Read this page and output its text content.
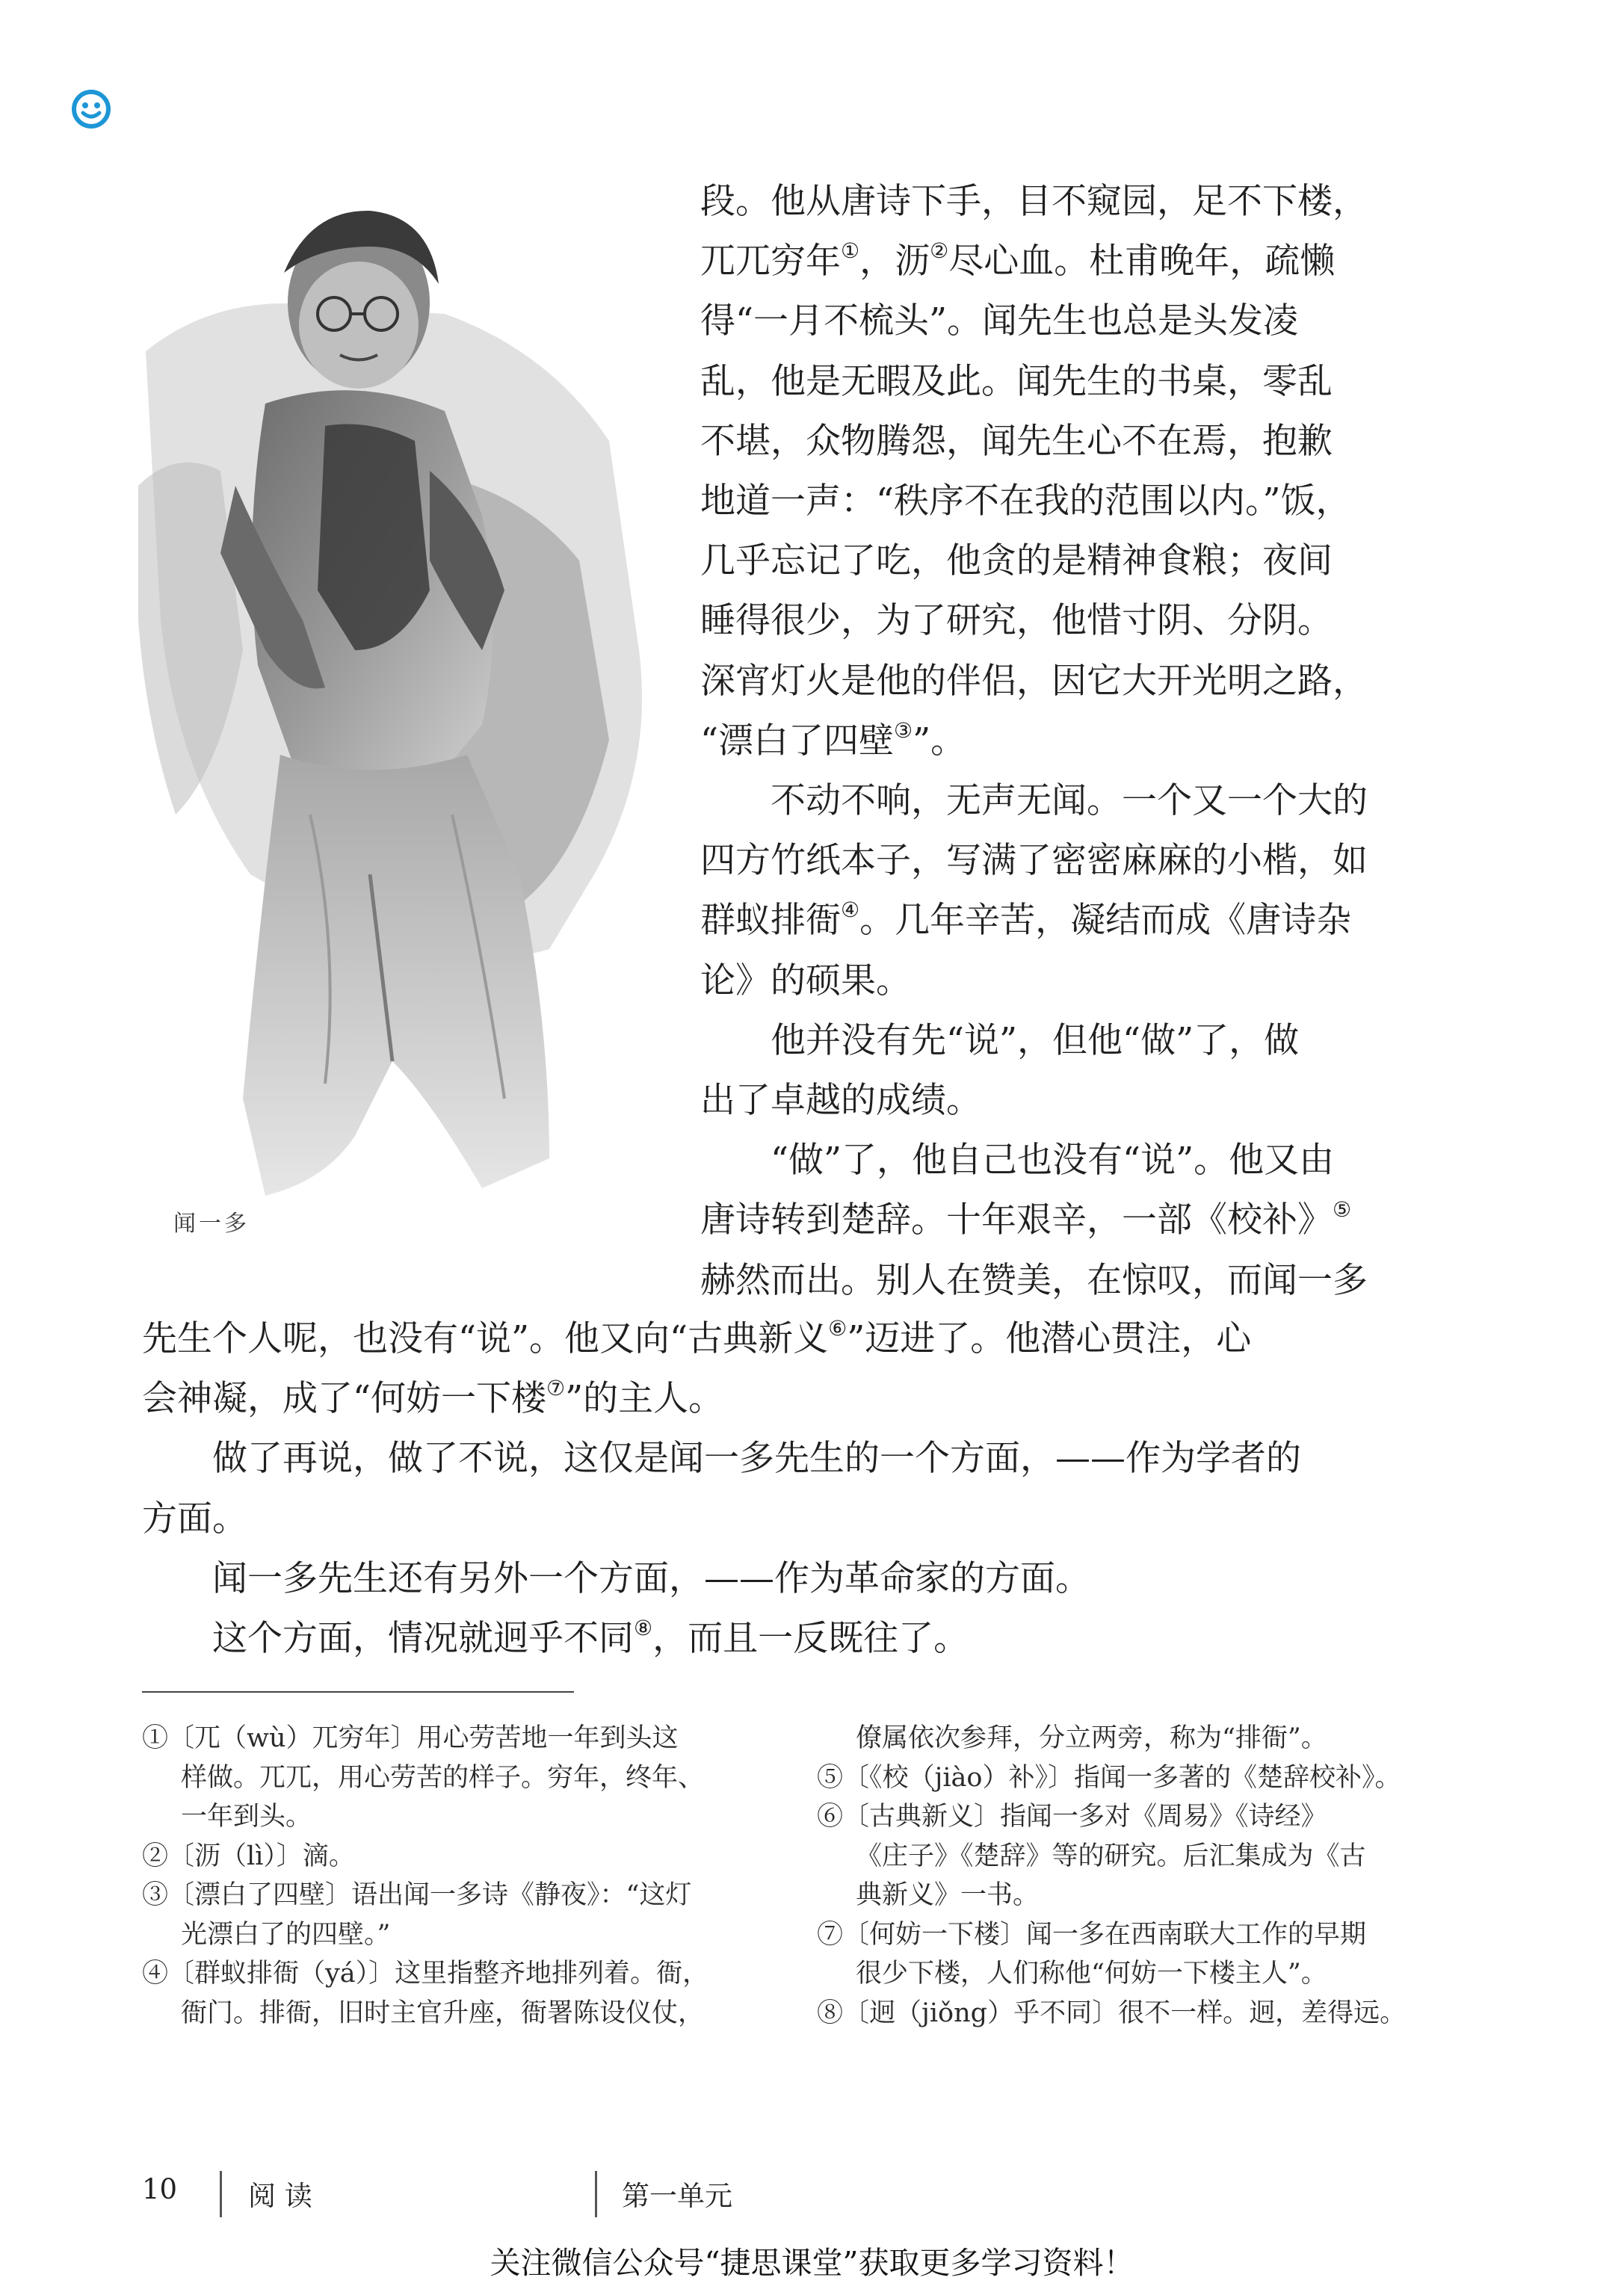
闻一多
段。他从唐诗下手，目不窥园，足不下楼，
兀兀穷年①，沥②尽心血。杜甫晚年，疏懒
得“一月不梳头”。闻先生也总是头发凌
乱，他是无暇及此。闻先生的书桌，零乱
不堪，众物腾怨，闻先生心不在焉，抱歉
地道一声：“秩序不在我的范围以内。”饭，
几乎忘记了吃，他贪的是精神食粮；夜间
睡得很少，为了研究，他惜寸阴、分阴。
深宵灯火是他的伴侣，因它大开光明之路，
“漂白了四壁③”。
　　不动不响，无声无闻。一个又一个大的
四方竹纸本子，写满了密密麻麻的小楷，如
群蚁排衙④。几年辛苦，凝结而成《唐诗杂
论》的硕果。
　　他并没有先“说”，但他“做”了，做
出了卓越的成绩。
　　“做”了，他自己也没有“说”。他又由
唐诗转到楚辞。十年艰辛，一部《校补》⑤
赫然而出。别人在赞美，在惊叹，而闻一多
先生个人呢，也没有“说”。他又向“古典新义⑥”迈进了。他潜心贯注，心
会神凝，成了“何妨一下楼⑦”的主人。
　　做了再说，做了不说，这仅是闻一多先生的一个方面，——作为学者的
方面。
　　闻一多先生还有另外一个方面，——作为革命家的方面。
　　这个方面，情况就迥乎不同⑧，而且一反既往了。
①〔兀（wù）兀穷年〕用心劳苦地一年到头这
样做。兀兀，用心劳苦的样子。穷年，终年、
一年到头。
②〔沥（lì）〕滴。
③〔漂白了四壁〕语出闻一多诗《静夜》：“这灯
光漂白了的四壁。”
④〔群蚁排衙（yá）〕这里指整齐地排列着。衙，
衙门。排衙，旧时主官升座，衙署陈设仪仗，
僚属依次参拜，分立两旁，称为“排衙”。
⑤〔《校（jiào）补》〕指闻一多著的《楚辞校补》。
⑥〔古典新义〕指闻一多对《周易》《诗经》
《庄子》《楚辞》等的研究。后汇集成为《古
典新义》一书。
⑦〔何妨一下楼〕闻一多在西南联大工作的早期
很少下楼，人们称他“何妨一下楼主人”。
⑧〔迥（jiǒng）乎不同〕很不一样。迥，差得远。
10	阅 读	第一单元
关注微信公众号“捷思课堂”获取更多学习资料！
